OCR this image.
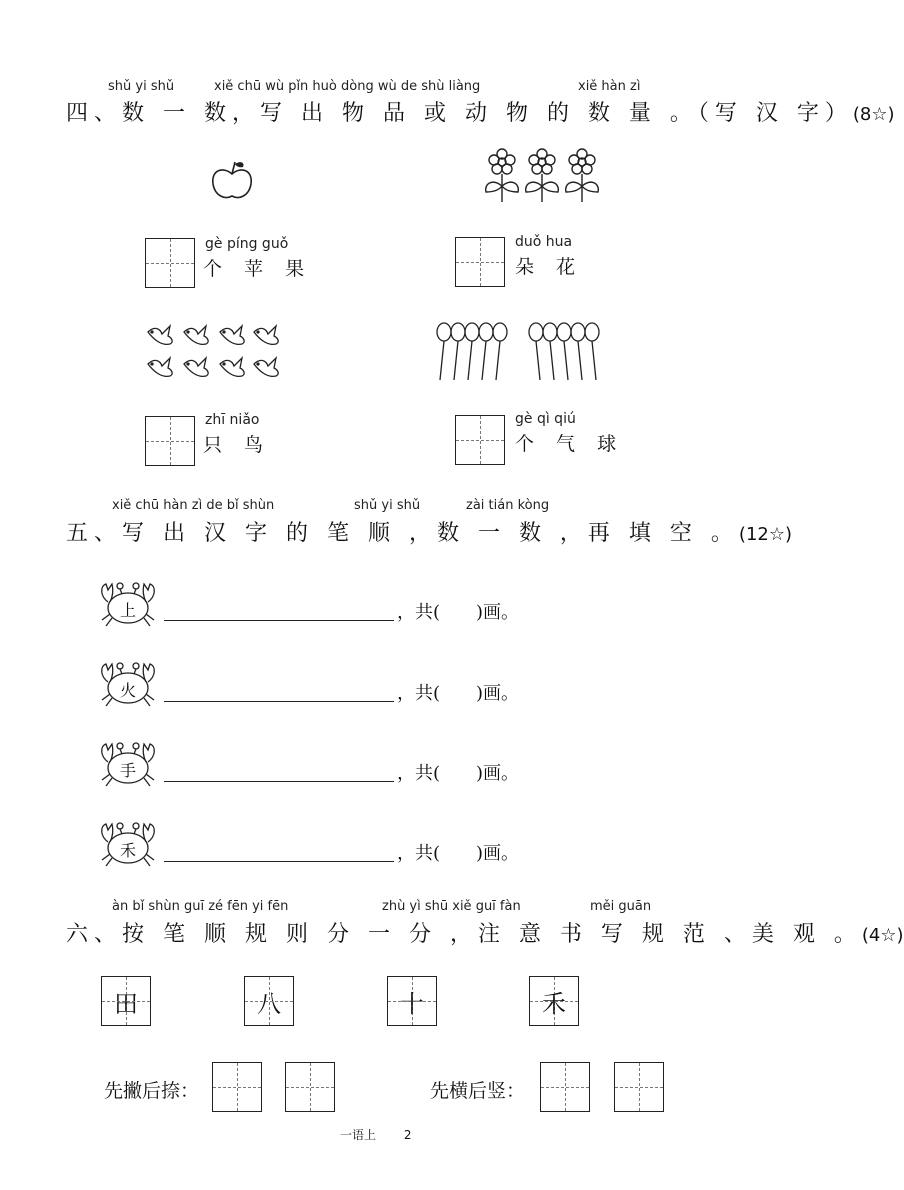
shǔ yi shǔ	xiě chū wù pǐn huò dòng wù de shù liàng	xiě hàn zì
四、数 一 数，写 出 物 品 或 动 物 的 数 量 。（写 汉 字）(8☆)
gè píng guǒ
个 苹 果
duǒ hua
朵 花
zhī niǎo
只 鸟
gè qì qiú
个 气 球
xiě chū hàn zì de bǐ shùn	shǔ yi shǔ	zài tián kòng
五、写 出 汉 字 的 笔 顺 ，数 一 数 ，再 填 空 。(12☆)
上	，共(　　)画。
火	，共(　　)画。
手	，共(　　)画。
禾	，共(　　)画。
àn bǐ shùn guī zé fēn yi fēn	zhù yì shū xiě guī fàn	měi guān
六、按 笔 顺 规 则 分 一 分 ，注 意 书 写 规 范 、美 观 。(4☆)
田	八	十	禾
先撇后捺：	先横后竖：
一语上 2
